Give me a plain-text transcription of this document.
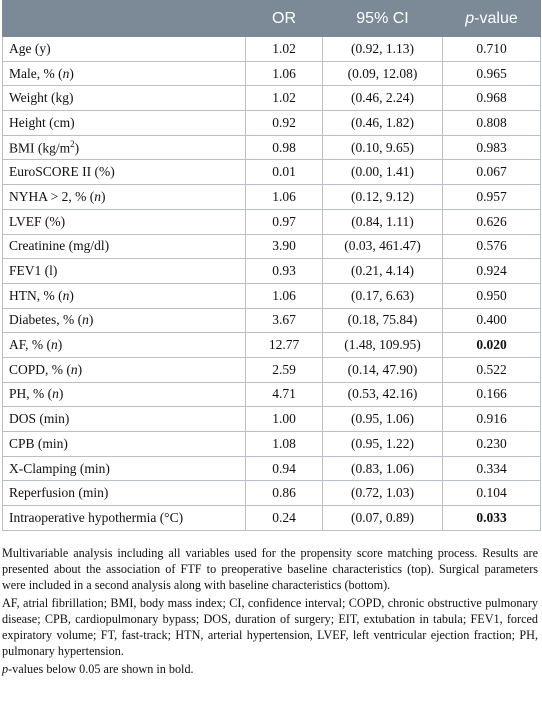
	OR	95% CI	p-value
Age (y)	1.02	(0.92, 1.13)	0.710
Male, % (n)	1.06	(0.09, 12.08)	0.965
Weight (kg)	1.02	(0.46, 2.24)	0.968
Height (cm)	0.92	(0.46, 1.82)	0.808
BMI $(kg/m^2)$	0.98	(0.10, 9.65)	0.983
EuroSCORE II (%)	0.01	(0.00, 1.41)	0.067
NYHA > 2, % (n)	1.06	(0.12, 9.12)	0.957
LVEF (%)	0.97	(0.84, 1.11)	0.626
Creatinine (mg/dl)	3.90	(0.03, 461.47)	0.576
FEV1 (l)	0.93	(0.21, 4.14)	0.924
HTN, % (n)	1.06	(0.17, 6.63)	0.950
Diabetes, % (n)	3.67	(0.18, 75.84)	0.400
AF, % (n)	12.77	(1.48, 109.95)	0.020
COPD, % (n)	2.59	(0.14, 47.90)	0.522
PH, % (n)	4.71	(0.53, 42.16)	0.166
DOS (min)	1.00	(0.95, 1.06)	0.916
CPB (min)	1.08	(0.95, 1.22)	0.230
X-Clamping (min)	0.94	(0.83, 1.06)	0.334
Reperfusion (min)	0.86	(0.72, 1.03)	0.104
Intraoperative hypothermia (°C)	0.24	(0.07, 0.89)	0.033

Multivariable analysis including all variables used for the propensity score matching process. Results are presented about the association of FTF to preoperative baseline characteristics (top). Surgical parameters were included in a second analysis along with baseline characteristics (bottom).

AF, atrial fibrillation; BMI, body mass index; CI, confidence interval; COPD, chronic obstructive pulmonary disease; CPB, cardiopulmonary bypass; DOS, duration of surgery; EIT, extubation in tabula; FEV1, forced expiratory volume; FT, fast-track; HTN, arterial hypertension, LVEF, left ventricular ejection fraction; PH, pulmonary hypertension.

p-values below 0.05 are shown in bold.
